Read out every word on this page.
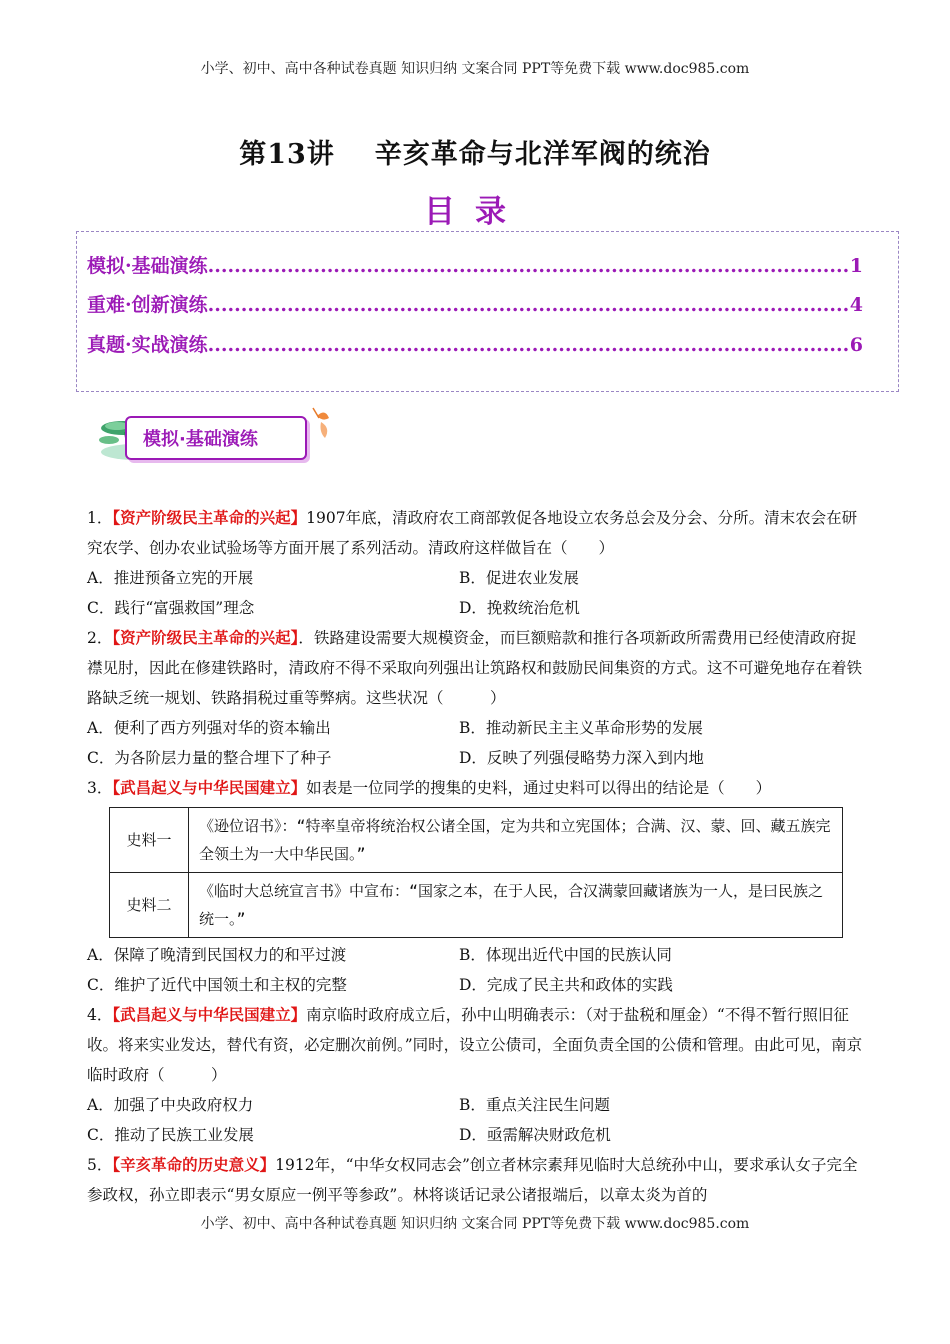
小学、初中、高中各种试卷真题 知识归纳 文案合同 PPT等免费下载 www.doc985.com
第13讲 辛亥革命与北洋军阀的统治
目录
模拟·基础演练 .....	1
重难·创新演练 .....	4
真题·实战演练 .....	6
模拟·基础演练
1．【资产阶级民主革命的兴起】1907年底，清政府农工商部敦促各地设立农务总会及分会、分所。清末农会在研究农学、创办农业试验场等方面开展了系列活动。清政府这样做旨在（　　）
A．推进预备立宪的开展	B．促进农业发展
C．践行“富强救国”理念	D．挽救统治危机
2．【资产阶级民主革命的兴起】．铁路建设需要大规模资金，而巨额赔款和推行各项新政所需费用已经使清政府捉襟见肘，因此在修建铁路时，清政府不得不采取向列强出让筑路权和鼓励民间集资的方式。这不可避免地存在着铁路缺乏统一规划、铁路捐税过重等弊病。这些状况（　　　）
A．便利了西方列强对华的资本输出	B．推动新民主主义革命形势的发展
C．为各阶层力量的整合埋下了种子	D．反映了列强侵略势力深入到内地
3．【武昌起义与中华民国建立】如表是一位同学的搜集的史料，通过史料可以得出的结论是（　　）
史料一	《逊位诏书》：“特率皇帝将统治权公诸全国，定为共和立宪国体；合满、汉、蒙、回、藏五族完全领土为一大中华民国。”
史料二	《临时大总统宣言书》中宣布：“国家之本，在于人民，合汉满蒙回藏诸族为一人，是曰民族之统一。”
A．保障了晚清到民国权力的和平过渡	B．体现出近代中国的民族认同
C．维护了近代中国领土和主权的完整	D．完成了民主共和政体的实践
4．【武昌起义与中华民国建立】南京临时政府成立后，孙中山明确表示：（对于盐税和厘金）“不得不暂行照旧征收。将来实业发达，替代有资，必定删次前例。”同时，设立公债司，全面负责全国的公债和管理。由此可见，南京临时政府（　　　）
A．加强了中央政府权力	B．重点关注民生问题
C．推动了民族工业发展	D．亟需解决财政危机
5．【辛亥革命的历史意义】1912年，“中华女权同志会”创立者林宗素拜见临时大总统孙中山，要求承认女子完全参政权，孙立即表示“男女原应一例平等参政”。林将谈话记录公诸报端后，以章太炎为首的
小学、初中、高中各种试卷真题 知识归纳 文案合同 PPT等免费下载 www.doc985.com
